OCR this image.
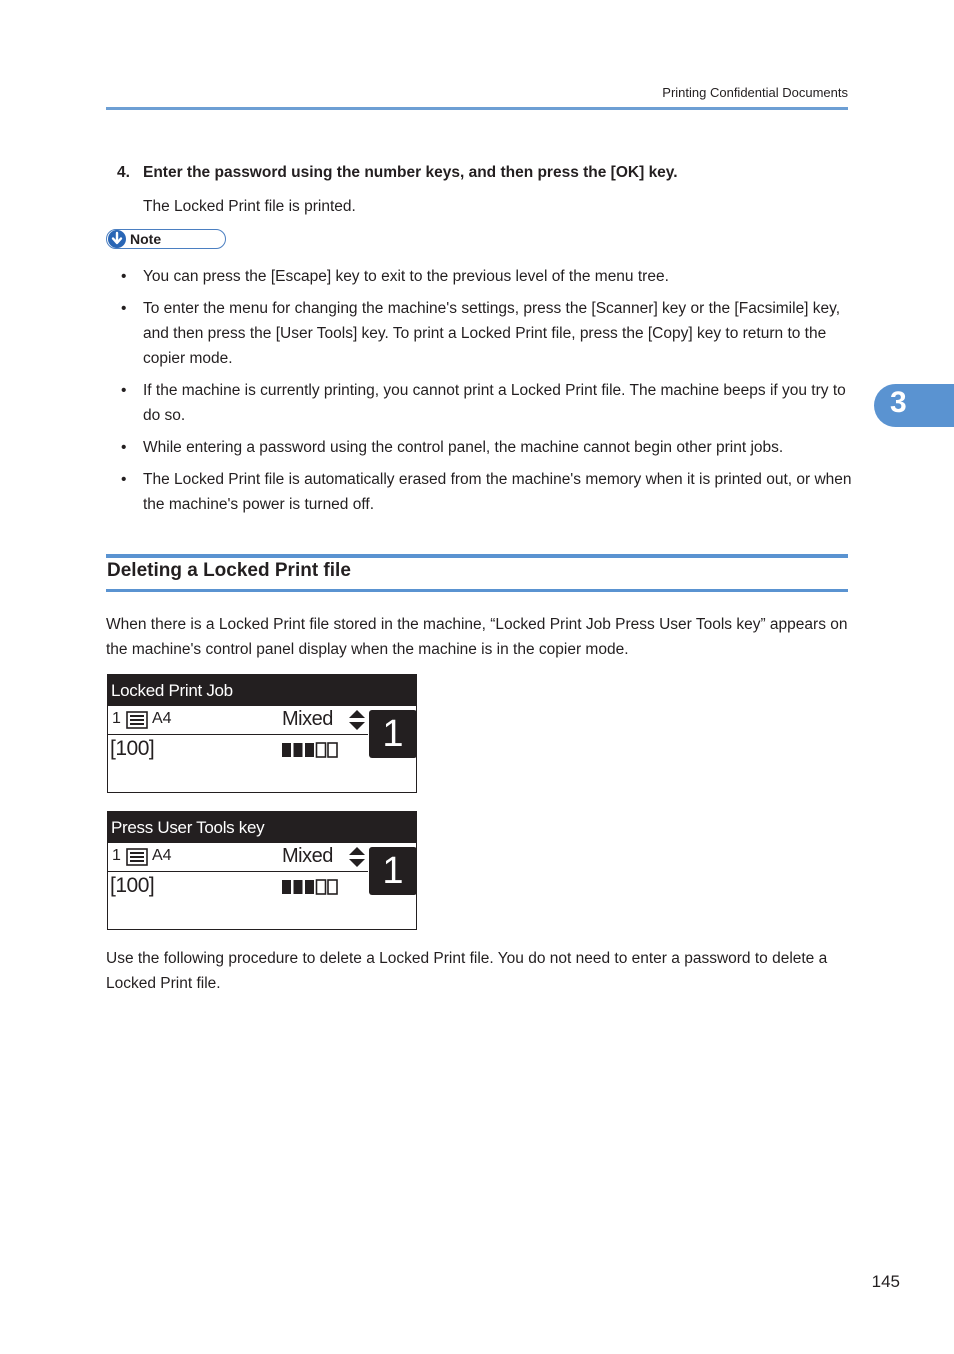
Printing Confidential Documents
4. Enter the password using the number keys, and then press the [OK] key.
The Locked Print file is printed.
Note
• You can press the [Escape] key to exit to the previous level of the menu tree.
• To enter the menu for changing the machine's settings, press the [Scanner] key or the [Facsimile] key, and then press the [User Tools] key. To print a Locked Print file, press the [Copy] key to return to the copier mode.
• If the machine is currently printing, you cannot print a Locked Print file. The machine beeps if you try to do so.
• While entering a password using the control panel, the machine cannot begin other print jobs.
• The Locked Print file is automatically erased from the machine's memory when it is printed out, or when the machine's power is turned off.
Deleting a Locked Print file
When there is a Locked Print file stored in the machine, “Locked Print Job Press User Tools key” appears on the machine's control panel display when the machine is in the copier mode.
Locked Print Job
1 A4	Mixed
[100]	1
Press User Tools key
1 A4	Mixed
[100]	1
Use the following procedure to delete a Locked Print file. You do not need to enter a password to delete a Locked Print file.
3
145
